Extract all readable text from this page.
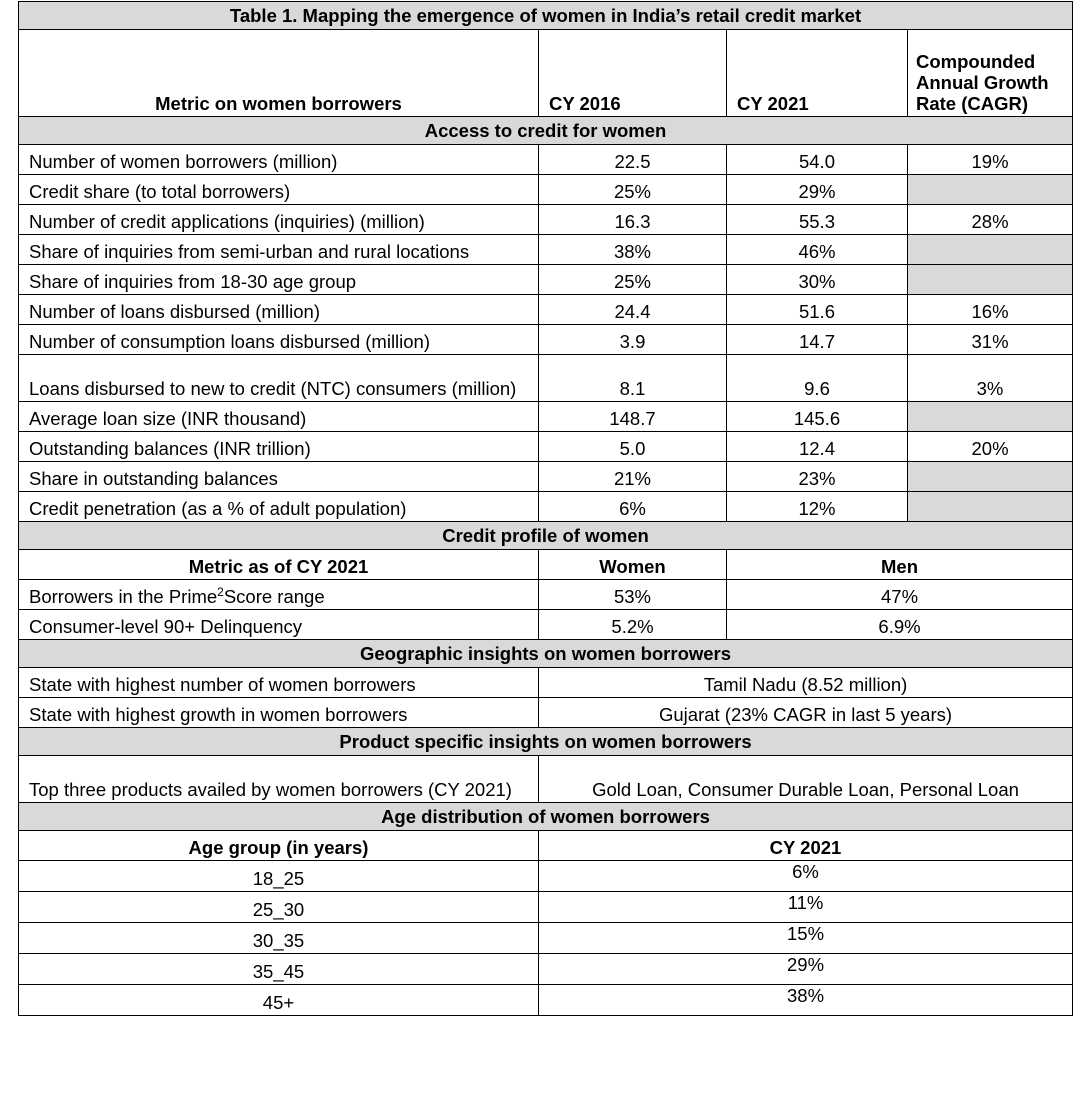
Table 1. Mapping the emergence of women in India’s retail credit market			
Metric on women borrowers	CY 2016	CY 2021	Compounded Annual Growth Rate (CAGR)
Access to credit for women			
Number of women borrowers (million)	22.5	54.0	19%
Credit share (to total borrowers)	25%	29%	
Number of credit applications (inquiries) (million)	16.3	55.3	28%
Share of inquiries from semi-urban and rural locations	38%	46%	
Share of inquiries from 18-30 age group	25%	30%	
Number of loans disbursed (million)	24.4	51.6	16%
Number of consumption loans disbursed (million)	3.9	14.7	31%
Loans disbursed to new to credit (NTC) consumers (million)	8.1	9.6	3%
Average loan size (INR thousand)	148.7	145.6	
Outstanding balances (INR trillion)	5.0	12.4	20%
Share in outstanding balances	21%	23%	
Credit penetration (as a % of adult population)	6%	12%	
Credit profile of women			
Metric as of CY 2021	Women	Men	
Borrowers in the Prime$^2$Score range	53%	47%	
Consumer-level 90+ Delinquency	5.2%	6.9%	
Geographic insights on women borrowers			
State with highest number of women borrowers	Tamil Nadu (8.52 million)		
State with highest growth in women borrowers	Gujarat (23% CAGR in last 5 years)		
Product specific insights on women borrowers			
Top three products availed by women borrowers (CY 2021)	Gold Loan, Consumer Durable Loan, Personal Loan		
Age distribution of women borrowers			
Age group (in years)	CY 2021		
18_25	6%		
25_30	11%		
30_35	15%		
35_45	29%		
45+	38%		
